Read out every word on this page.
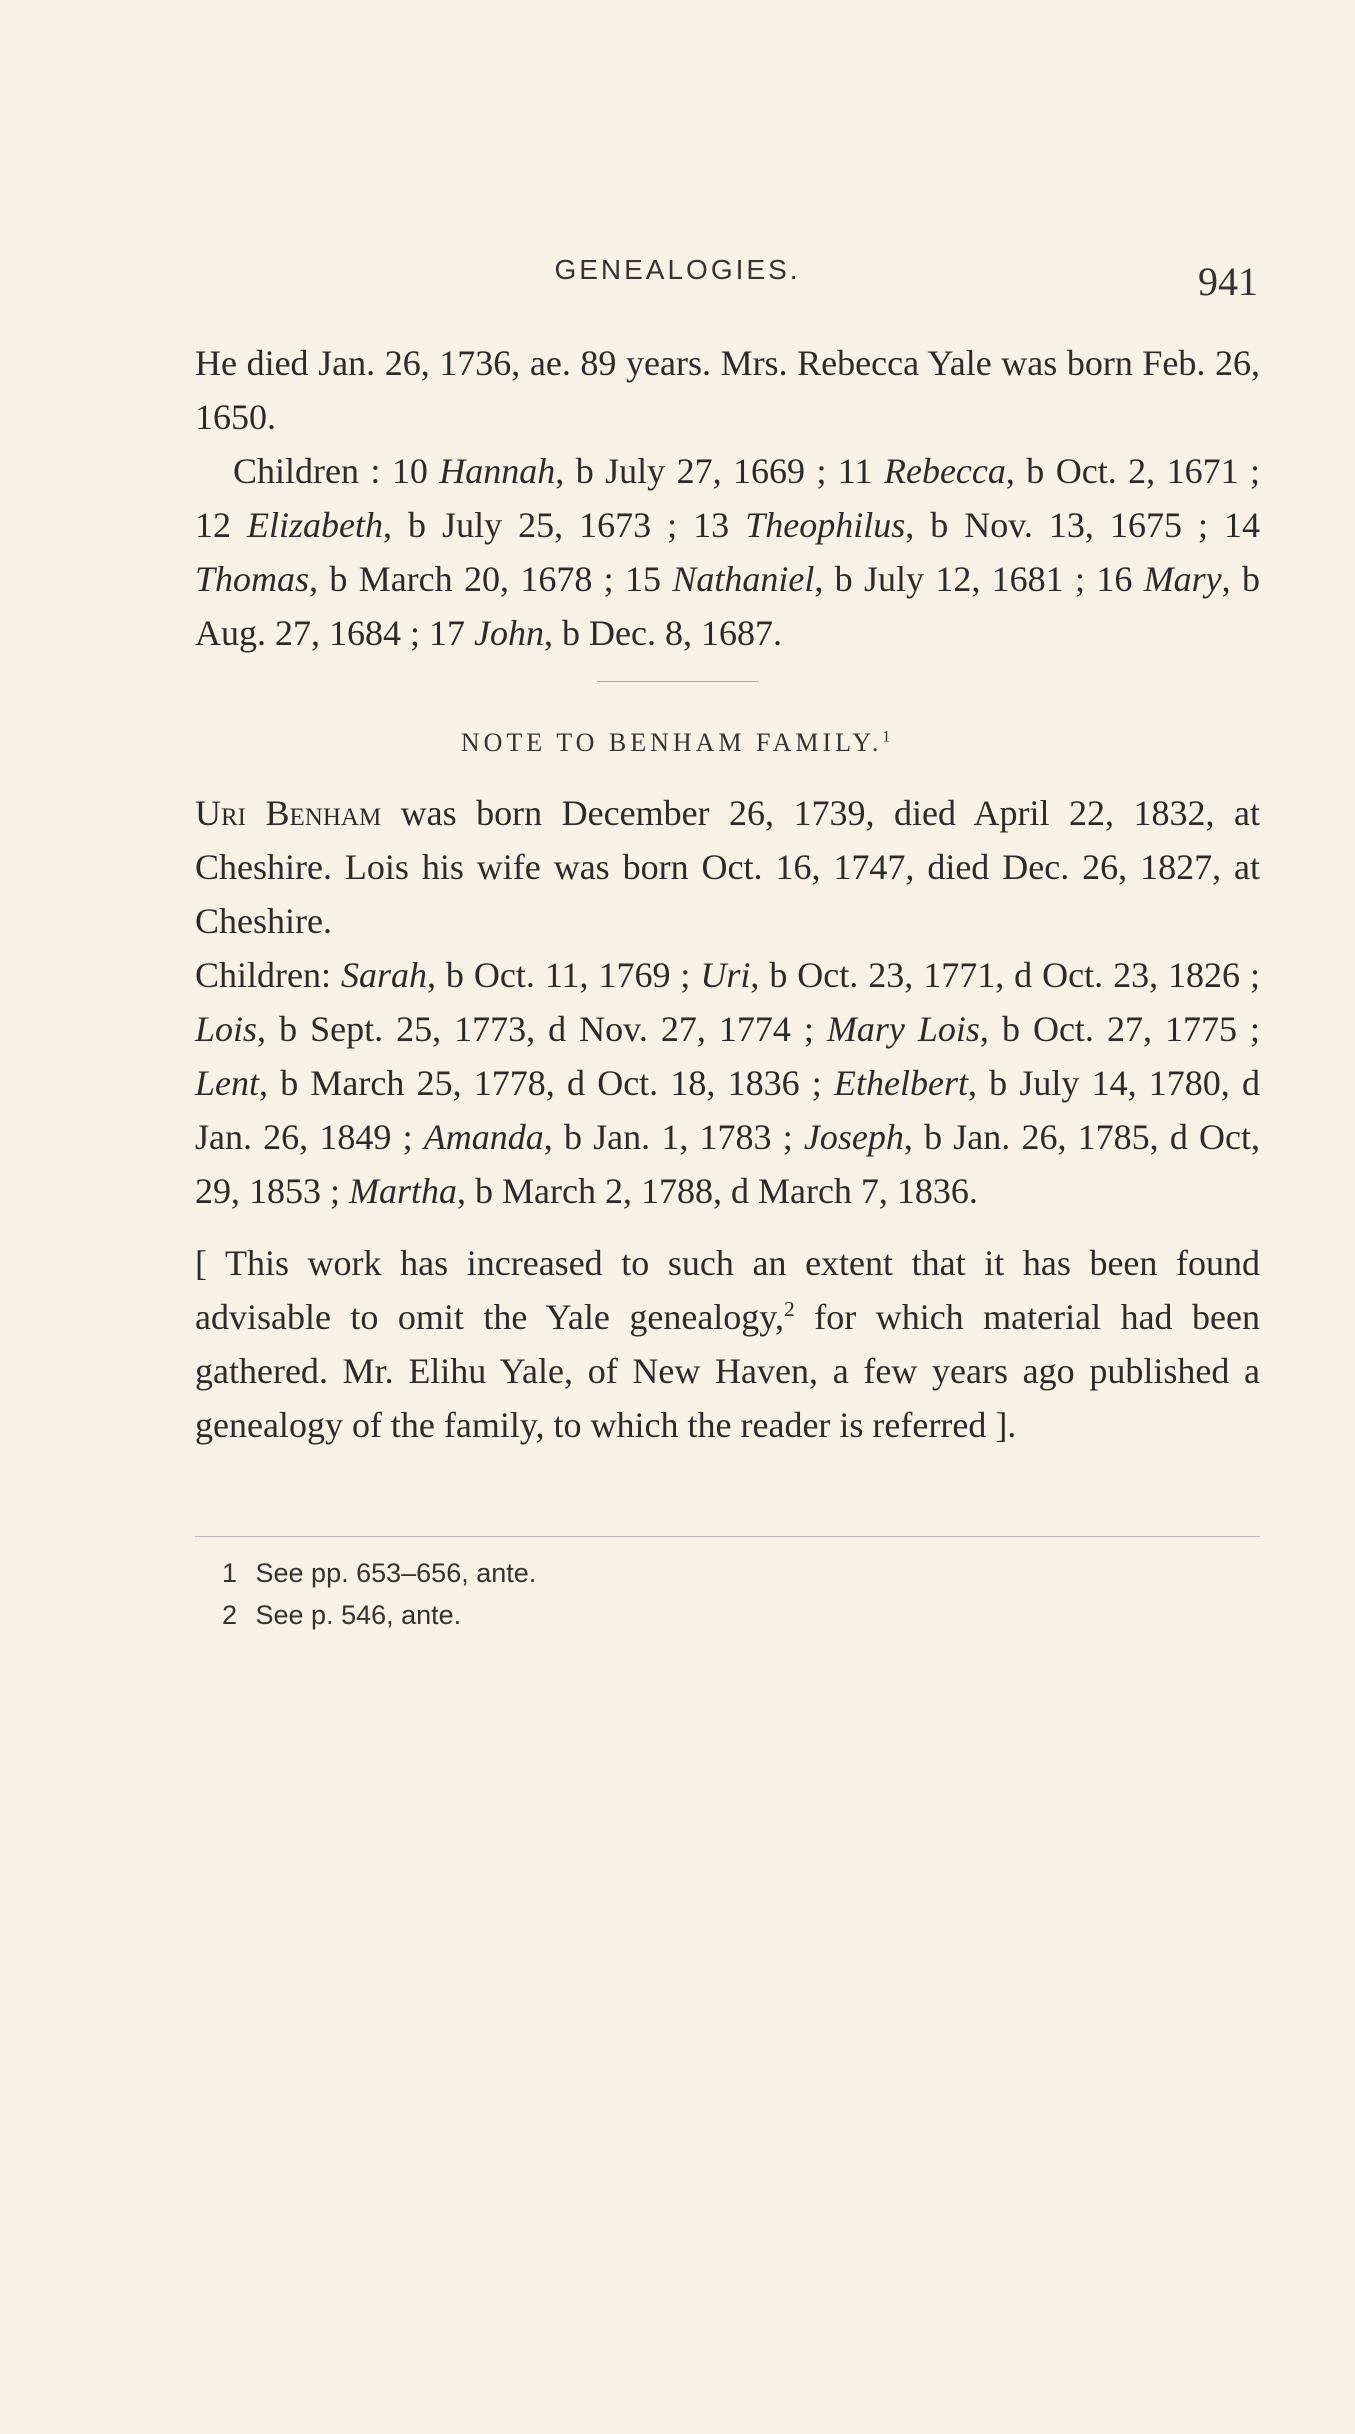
GENEALOGIES.	941

He died Jan. 26, 1736, ae. 89 years. Mrs. Rebecca Yale was born Feb. 26, 1650.

Children : 10 Hannah, b July 27, 1669 ; 11 Rebecca, b Oct. 2, 1671 ; 12 Elizabeth, b July 25, 1673 ; 13 Theophilus, b Nov. 13, 1675 ; 14 Thomas, b March 20, 1678 ; 15 Nathaniel, b July 12, 1681 ; 16 Mary, b Aug. 27, 1684 ; 17 John, b Dec. 8, 1687.

NOTE TO BENHAM FAMILY.$^1$

Uri Benham was born December 26, 1739, died April 22, 1832, at Cheshire. Lois his wife was born Oct. 16, 1747, died Dec. 26, 1827, at Cheshire.

Children: Sarah, b Oct. 11, 1769 ; Uri, b Oct. 23, 1771, d Oct. 23, 1826 ; Lois, b Sept. 25, 1773, d Nov. 27, 1774 ; Mary Lois, b Oct. 27, 1775 ; Lent, b March 25, 1778, d Oct. 18, 1836 ; Ethelbert, b July 14, 1780, d Jan. 26, 1849 ; Amanda, b Jan. 1, 1783 ; Joseph, b Jan. 26, 1785, d Oct, 29, 1853 ; Martha, b March 2, 1788, d March 7, 1836.

[ This work has increased to such an extent that it has been found advisable to omit the Yale genealogy,$^2$ for which material had been gathered. Mr. Elihu Yale, of New Haven, a few years ago published a genealogy of the family, to which the reader is referred ].

1 See pp. 653–656, ante.
2 See p. 546, ante.
